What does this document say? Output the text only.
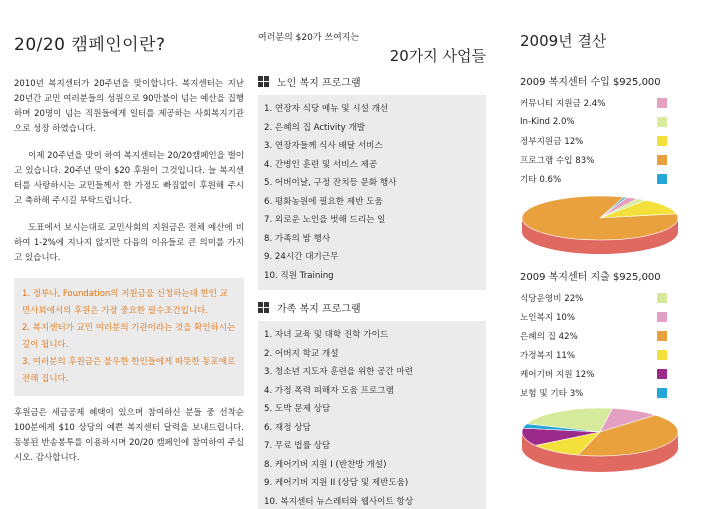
20/20 캠페인이란?

2010년 복지센터가 20주년을 맞이합니다. 복지센터는 지난 20년간 교민 여러분들의 성원으로 90만불이 넘는 예산을 집행하며 20명이 넘는 직원들에게 일터를 제공하는 사회복지기관으로 성장 하였습니다.

이제 20주년을 맞이 하여 복지센터는 20/20캠페인을 벌이고 있습니다. 20주년 맞이 $20 후원이 그것입니다. 늘 복지센터를 사랑하시는 교민들께서 한 가정도 빠짐없이 후원해 주시고 축하해 주시길 부탁드립니다.

도표에서 보시는대로 교민사회의 지원금은 전체 예산에 비하여 1-2%에 지나지 않지만 다음의 이유들로 큰 의미를 가지고 있습니다.

1. 정부나, Foundation의 지원금을 신청하는데 한인 교민사회에서의 후원은 가장 중요한 필수조건입니다.

2. 복지센터가 교민 여러분의 기관이라는 것을 확인하시는 길이 됩니다.

3. 여러분의 후원금은 불우한 한인들에게 따뜻한 동포애로 전해 집니다.

후원금은 세금공제 혜택이 있으며 참여하신 분들 중 선착순 100분에게 $10 상당의 예쁜 복지센터 달력을 보내드립니다. 동봉된 반송봉투를 이용하시며 20/20 캠페인에 참여하여 주십시오. 감사합니다.

여러분의 $20가 쓰여지는
20가지 사업들
노인 복지 프로그램
1. 연장자 식당 메뉴 및 시설 개선
2. 은혜의 집 Activity 개발
3. 연장자들께 식사 배달 서비스
4. 간병인 훈련 및 서비스 제공
5. 어버이날, 구정 잔치등 문화 행사
6. 평화농원에 필요한 제반 도움
7. 외로운 노인을 벗해 드리는 일
8. 가족의 밤 행사
9. 24시간 대기근무
10. 직원 Training
가족 복지 프로그램
1. 자녀 교육 및 대학 진학 가이드
2. 어버지 학교 개설
3. 청소년 지도자 훈련을 위한 공간 마련
4. 가정 폭력 피해자 도움 프로그램
5. 도박 문제 상담
6. 재정 상담
7. 무료 법률 상담
8. 케어기버 지원 I (반찬방 개설)
9. 케어기버 지원 II (상담 및 제반도움)
10. 복지센터 뉴스레터와 웹사이트 항상
2009년 결산
2009 복지센터 수입 $925,000
커뮤니티 지원금 2.4%
In-Kind 2.0%
정부지원금 12%
프로그램 수입 83%
기타 0.6%
2009 복지센터 지출 $925,000
식당운영비 22%
노인복지 10%
은혜의 집 42%
가정복지 11%
케어기버 지원 12%
보험 및 기타 3%
